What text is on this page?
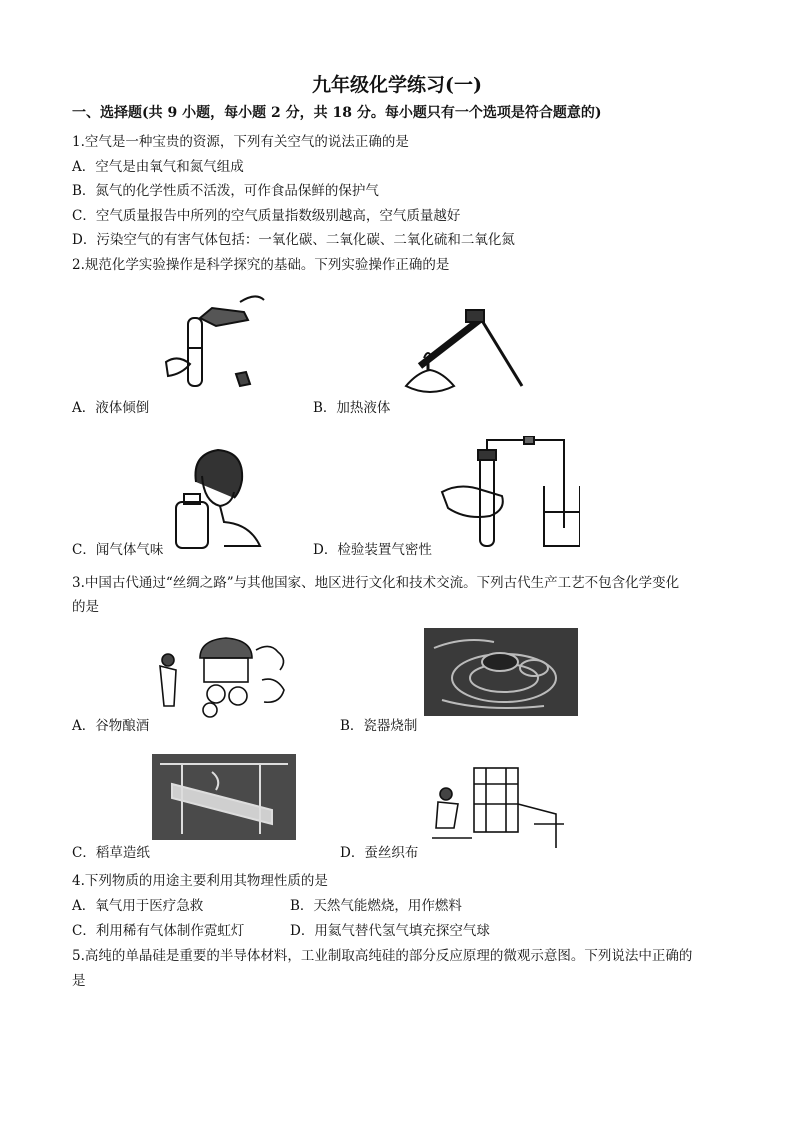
九年级化学练习(一)
一、选择题(共 9 小题，每小题 2 分，共 18 分。每小题只有一个选项是符合题意的)
1.空气是一种宝贵的资源，下列有关空气的说法正确的是
A．空气是由氧气和氮气组成
B．氮气的化学性质不活泼，可作食品保鲜的保护气
C．空气质量报告中所列的空气质量指数级别越高，空气质量越好
D．污染空气的有害气体包括：一氧化碳、二氧化碳、二氧化硫和二氧化氮
2.规范化学实验操作是科学探究的基础。下列实验操作正确的是
A．液体倾倒	B．加热液体
C．闻气体气味	D．检验装置气密性
3.中国古代通过“丝绸之路”与其他国家、地区进行文化和技术交流。下列古代生产工艺不包含化学变化
的是
A．谷物酿酒	B．瓷器烧制
C．稻草造纸	D．蚕丝织布
4.下列物质的用途主要利用其物理性质的是
A．氧气用于医疗急救	B．天然气能燃烧，用作燃料
C．利用稀有气体制作霓虹灯	D．用氦气替代氢气填充探空气球
5.高纯的单晶硅是重要的半导体材料，工业制取高纯硅的部分反应原理的微观示意图。下列说法中正确的
是
